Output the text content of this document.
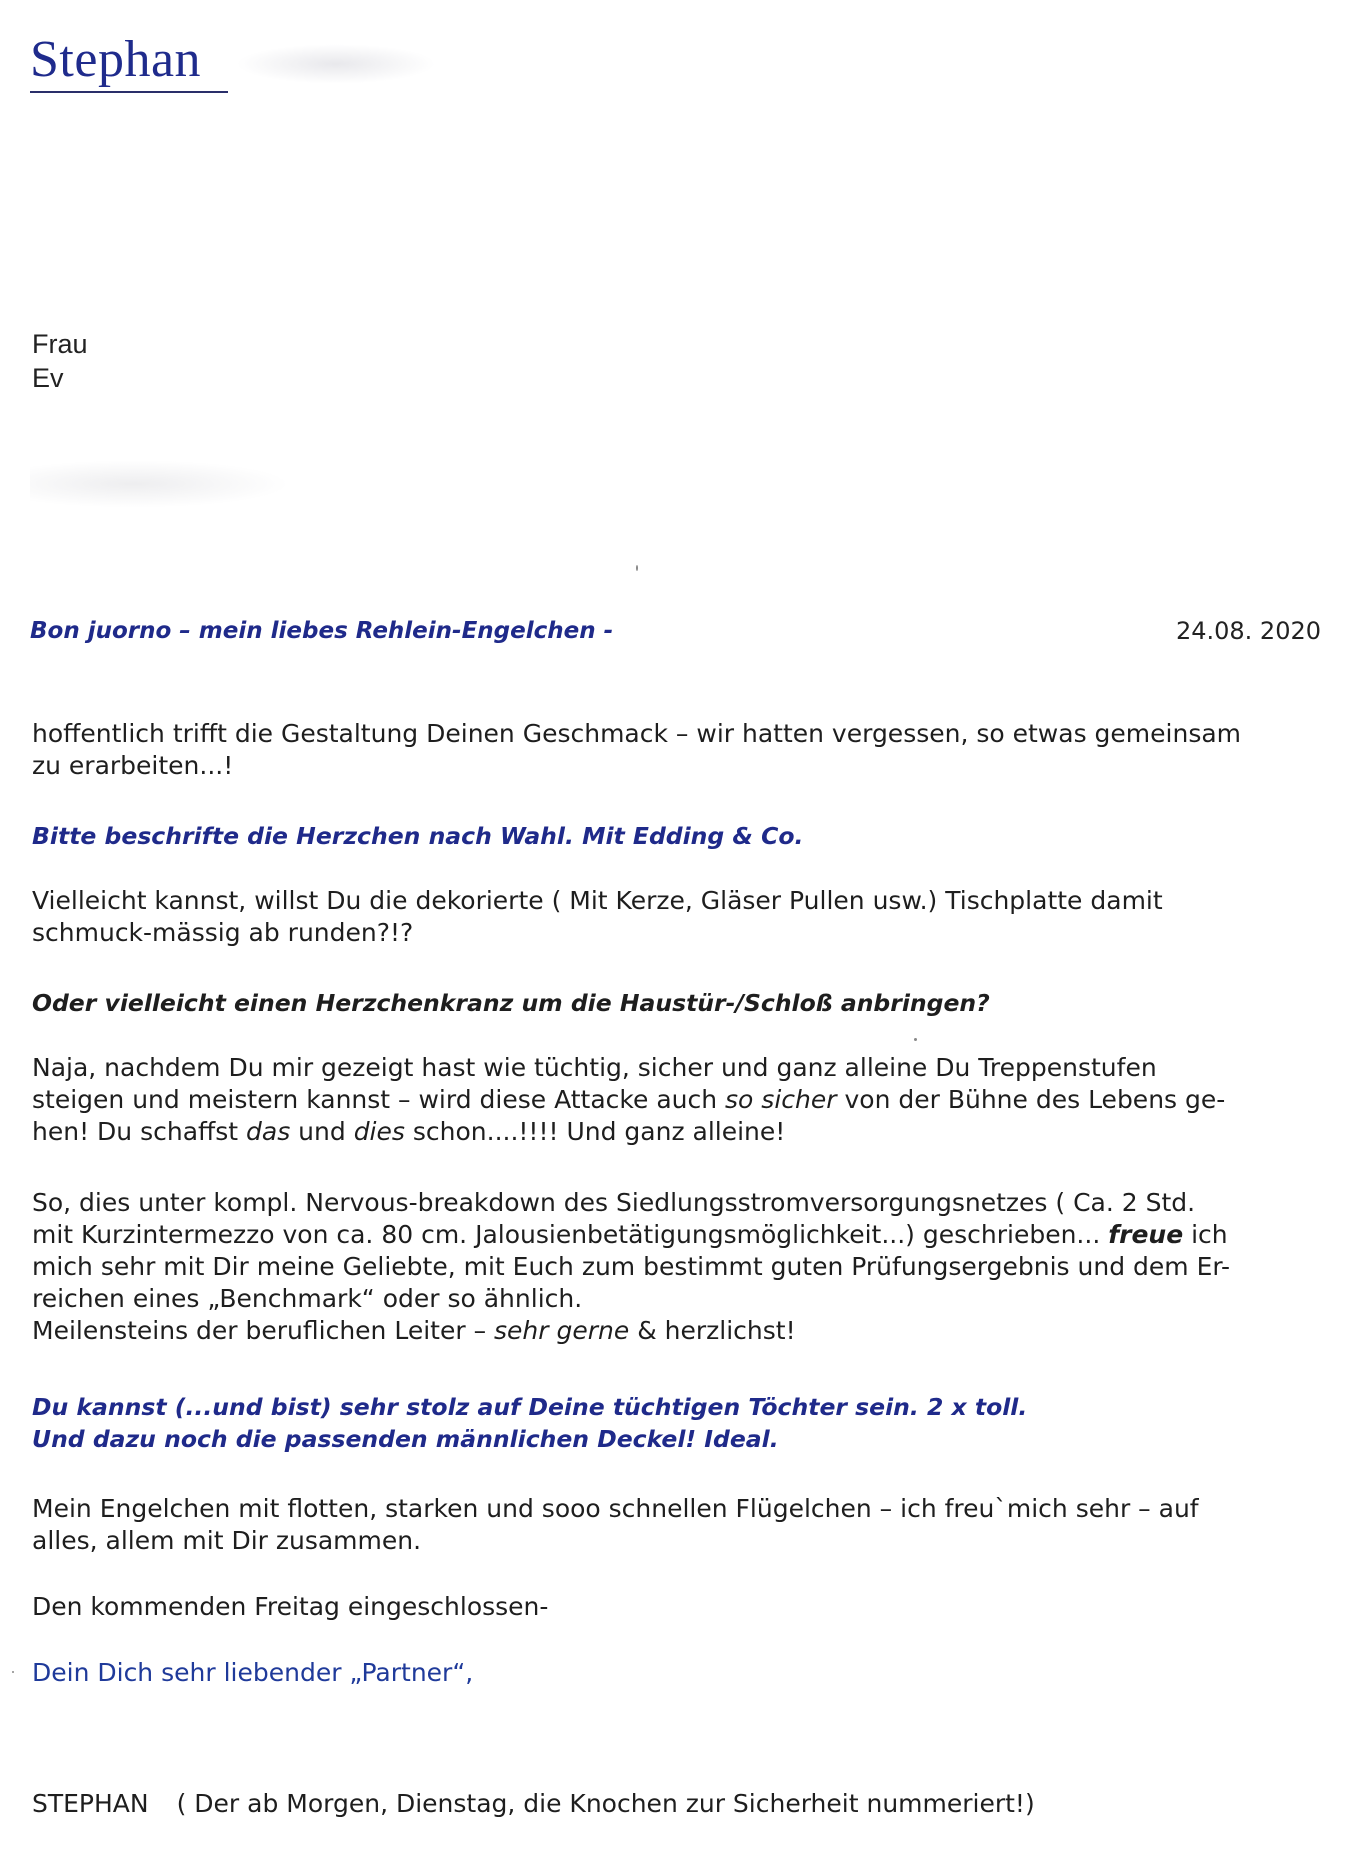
Stephan
Frau
Ev
Bon juorno – mein liebes Rehlein-Engelchen -	24.08. 2020
hoffentlich trifft die Gestaltung Deinen Geschmack – wir hatten vergessen, so etwas gemeinsam
zu erarbeiten...!
Bitte beschrifte die Herzchen nach Wahl. Mit Edding & Co.
Vielleicht kannst, willst Du die dekorierte ( Mit Kerze, Gläser Pullen usw.) Tischplatte damit
schmuck-mässig ab runden?!?
Oder vielleicht einen Herzchenkranz um die Haustür-/Schloß anbringen?
Naja, nachdem Du mir gezeigt hast wie tüchtig, sicher und ganz alleine Du Treppenstufen
steigen und meistern kannst – wird diese Attacke auch so sicher von der Bühne des Lebens ge-
hen! Du schaffst das und dies schon....!!!! Und ganz alleine!
So, dies unter kompl. Nervous-breakdown des Siedlungsstromversorgungsnetzes ( Ca. 2 Std.
mit Kurzintermezzo von ca. 80 cm. Jalousienbetätigungsmöglichkeit...) geschrieben... freue ich
mich sehr mit Dir meine Geliebte, mit Euch zum bestimmt guten Prüfungsergebnis und dem Er-
reichen eines „Benchmark“ oder so ähnlich.
Meilensteins der beruflichen Leiter – sehr gerne & herzlichst!
Du kannst (...und bist) sehr stolz auf Deine tüchtigen Töchter sein. 2 x toll.
Und dazu noch die passenden männlichen Deckel! Ideal.
Mein Engelchen mit flotten, starken und sooo schnellen Flügelchen – ich freu`mich sehr – auf
alles, allem mit Dir zusammen.
Den kommenden Freitag eingeschlossen-
Dein Dich sehr liebender „Partner“,
STEPHAN ( Der ab Morgen, Dienstag, die Knochen zur Sicherheit nummeriert!)
